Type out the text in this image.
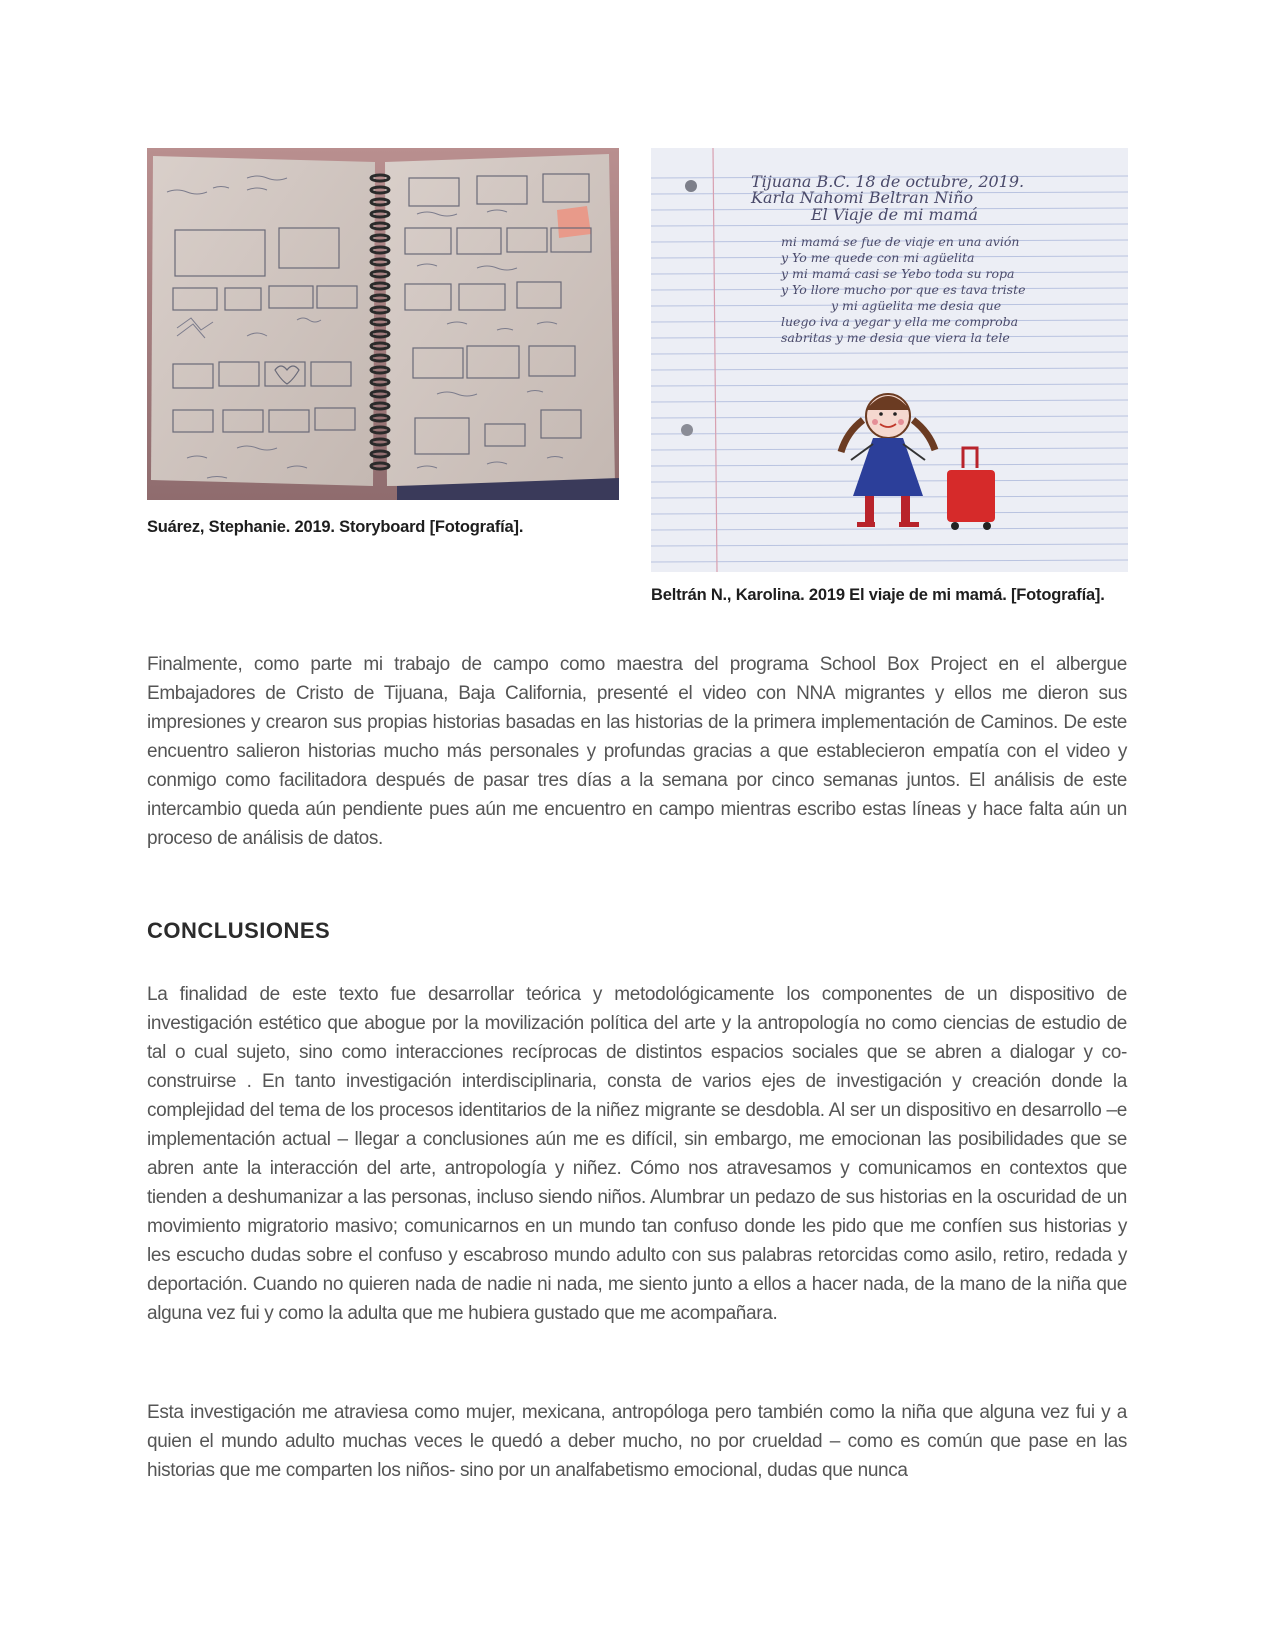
Tijuana B.C. 18 de octubre, 2019.
Karla Nahomi Beltran Niño
El Viaje de mi mamá
mi mamá se fue de viaje en una avión
y Yo me quede con mi agüelita
y mi mamá casi se Yebo toda su ropa
y Yo llore mucho por que es tava triste
y mi agüelita me desia que
luego iva a yegar y ella me comproba
sabritas y me desia que viera la tele
Suárez, Stephanie. 2019. Storyboard [Fotografía].
Beltrán N., Karolina. 2019 El viaje de mi mamá. [Fotografía].

Finalmente, como parte mi trabajo de campo como maestra del programa School Box Project en el albergue Embajadores de Cristo de Tijuana, Baja California, presenté el video con NNA migrantes y ellos me dieron sus impresiones y crearon sus propias historias basadas en las historias de la primera implementación de Caminos. De este encuentro salieron historias mucho más personales y profundas gracias a que establecieron empatía con el video y conmigo como facilitadora después de pasar tres días a la semana por cinco semanas juntos. El análisis de este intercambio queda aún pendiente pues aún me encuentro en campo mientras escribo estas líneas y hace falta aún un proceso de análisis de datos.

CONCLUSIONES

La finalidad de este texto fue desarrollar teórica y metodológicamente los componentes de un dispositivo de investigación estético que abogue por la movilización política del arte y la antropología no como ciencias de estudio de tal o cual sujeto, sino como interacciones recíprocas de distintos espacios sociales que se abren a dialogar y co-construirse . En tanto investigación interdisciplinaria, consta de varios ejes de investigación y creación donde la complejidad del tema de los procesos identitarios de la niñez migrante se desdobla. Al ser un dispositivo en desarrollo –e implementación actual – llegar a conclusiones aún me es difícil, sin embargo, me emocionan las posibilidades que se abren ante la interacción del arte, antropología y niñez. Cómo nos atravesamos y comunicamos en contextos que tienden a deshumanizar a las personas, incluso siendo niños. Alumbrar un pedazo de sus historias en la oscuridad de un movimiento migratorio masivo; comunicarnos en un mundo tan confuso donde les pido que me confíen sus historias y les escucho dudas sobre el confuso y escabroso mundo adulto con sus palabras retorcidas como asilo, retiro, redada y deportación. Cuando no quieren nada de nadie ni nada, me siento junto a ellos a hacer nada, de la mano de la niña que alguna vez fui y como la adulta que me hubiera gustado que me acompañara.

Esta investigación me atraviesa como mujer, mexicana, antropóloga pero también como la niña que alguna vez fui y a quien el mundo adulto muchas veces le quedó a deber mucho, no por crueldad – como es común que pase en las historias que me comparten los niños- sino por un analfabetismo emocional, dudas que nunca
